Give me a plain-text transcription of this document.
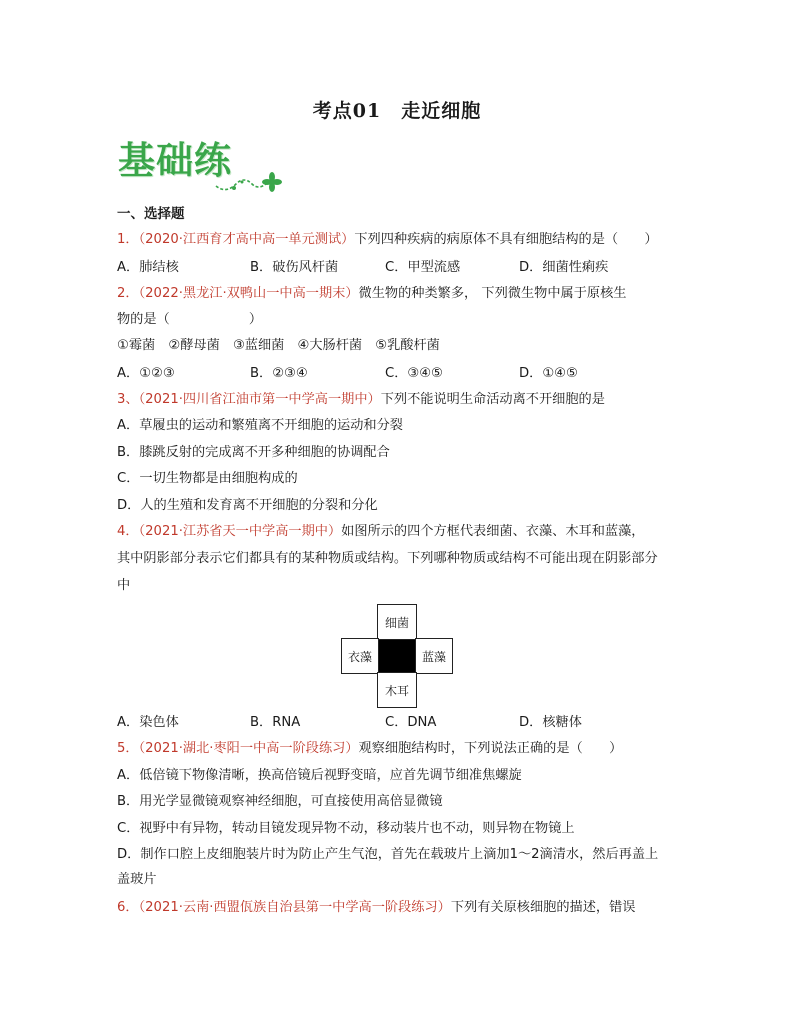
考点01　走近细胞
基础练
一、选择题
1．（2020·江西育才高中高一单元测试）下列四种疾病的病原体不具有细胞结构的是（　　）
A．肺结核	B．破伤风杆菌	C．甲型流感	D．细菌性痢疾
2．（2022·黑龙江·双鸭山一中高一期末）微生物的种类繁多， 下列微生物中属于原核生
物的是（　　　　　　）
①霉菌　②酵母菌　③蓝细菌　④大肠杆菌　⑤乳酸杆菌
A．①②③	B．②③④	C．③④⑤	D．①④⑤
3、（2021·四川省江油市第一中学高一期中）下列不能说明生命活动离不开细胞的是
A．草履虫的运动和繁殖离不开细胞的运动和分裂
B．膝跳反射的完成离不开多种细胞的协调配合
C．一切生物都是由细胞构成的
D．人的生殖和发育离不开细胞的分裂和分化
4．（2021·江苏省天一中学高一期中）如图所示的四个方框代表细菌、衣藻、木耳和蓝藻，
其中阴影部分表示它们都具有的某种物质或结构。下列哪种物质或结构不可能出现在阴影部分
中
细菌
衣藻	蓝藻
木耳
A．染色体	B．RNA	C．DNA	D．核糖体
5．（2021·湖北·枣阳一中高一阶段练习）观察细胞结构时，下列说法正确的是（　　）
A．低倍镜下物像清晰，换高倍镜后视野变暗，应首先调节细准焦螺旋
B．用光学显微镜观察神经细胞，可直接使用高倍显微镜
C．视野中有异物，转动目镜发现异物不动，移动装片也不动，则异物在物镜上
D．制作口腔上皮细胞装片时为防止产生气泡，首先在载玻片上滴加1～2滴清水，然后再盖上
盖玻片
6．（2021·云南·西盟佤族自治县第一中学高一阶段练习）下列有关原核细胞的描述，错误
